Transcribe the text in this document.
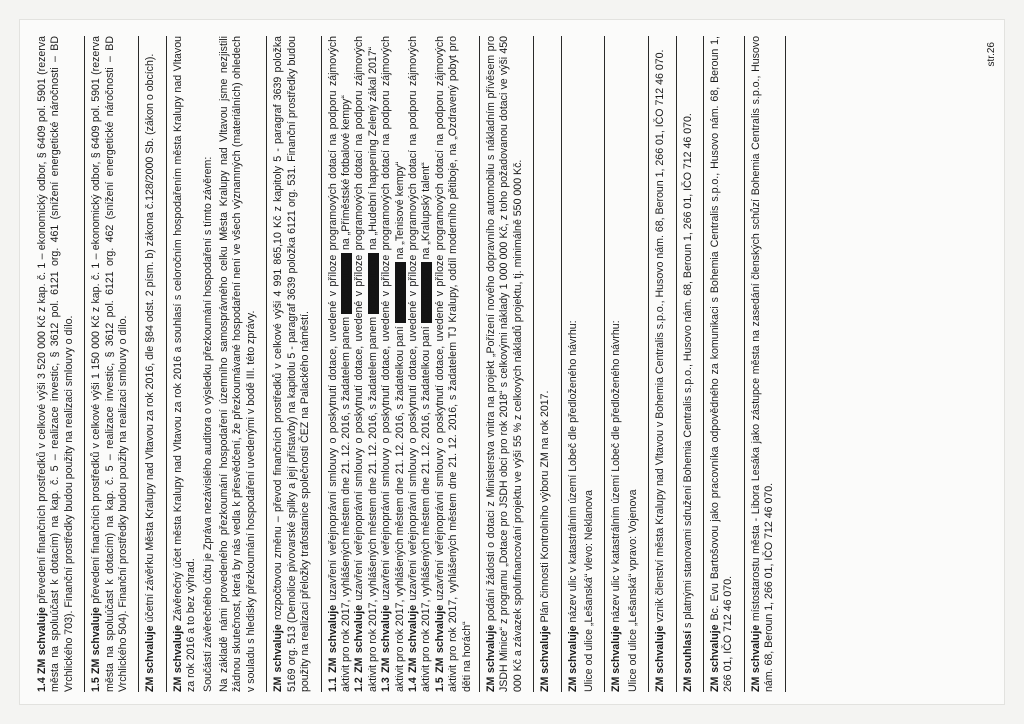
1.4 ZM schvaluje převedení finančních prostředků v celkové výši 3 520 000 Kč z kap. č. 1 – ekonomický odbor, § 6409 pol. 5901 (rezerva města na spoluúčast k dotacím) na kap. č. 5 – realizace investic, § 3612 pol. 6121 org. 461 (snížení energetické náročnosti – BD Vrchlického 703). Finanční prostředky budou použity na realizaci smlouvy o dílo. 1.5 ZM schvaluje převedení finančních prostředků v celkové výši 1 150 000 Kč z kap. č. 1 – ekonomický odbor, § 6409 pol. 5901 (rezerva města na spoluúčast k dotacím) na kap. č. 5 – realizace investic, § 3612 pol. 6121 org. 462 (snížení energetické náročnosti – BD Vrchlického 504). Finanční prostředky budou použity na realizaci smlouvy o dílo. ZM schvaluje účetní závěrku Města Kralupy nad Vltavou za rok 2016, dle §84 odst. 2 písm. b) zákona č.128/2000 Sb. (zákon o obcích).

ZM schvaluje Závěrečný účet města Kralupy nad Vltavou za rok 2016 a souhlasí s celoročním hospodařením města Kralupy nad Vltavou za rok 2016 a to bez výhrad. Součástí závěrečného účtu je Zpráva nezávislého auditora o výsledku přezkoumání hospodaření s tímto závěrem: Na základě námi provedeného přezkoumání hospodaření územního samosprávného celku Města Kralupy nad Vltavou jsme nezjistili žádnou skutečnost, která by nás vedla k přesvědčení, že přezkoumávané hospodaření není ve všech významných (materiálních) ohledech v souladu s hledisky přezkoumání hospodaření uvedenými v bodě III. této zprávy. ZM schvaluje rozpočtovou změnu – převod finančních prostředků v celkové výši 4 991 865,10 Kč z kapitoly 5 - paragraf 3639 položka 5169 org. 513 (Demolice pivovarské spilky a její přístavby) na kapitolu 5 - paragraf 3639 položka 6121 org. 531. Finanční prostředky budou použity na realizaci přeložky trafostanice společnosti ČEZ na Palackého náměstí. 1.1 ZM schvaluje uzavření veřejnoprávní smlouvy o poskytnutí dotace, uvedené v příloze programových dotací na podporu zájmových aktivit pro rok 2017, vyhlášených městem dne 21. 12. 2016, s žadatelem panem xxxxxxxxxx na „Příměstské fotbalové kempy“

1.2 ZM schvaluje uzavření veřejnoprávní smlouvy o poskytnutí dotace, uvedené v příloze programových dotací na podporu zájmových aktivit pro rok 2017, vyhlášených městem dne 21. 12. 2016, s žadatelem panem xxxxxxxxxx na „Hudební happening Zelený zákal 2017“

1.3 ZM schvaluje uzavření veřejnoprávní smlouvy o poskytnutí dotace, uvedené v příloze programových dotací na podporu zájmových aktivit pro rok 2017, vyhlášených městem dne 21. 12. 2016, s žadatelkou paní xxxxxxxxxx na „Tenisové kempy“

1.4 ZM schvaluje uzavření veřejnoprávní smlouvy o poskytnutí dotace, uvedené v příloze programových dotací na podporu zájmových aktivit pro rok 2017, vyhlášených městem dne 21. 12. 2016, s žadatelkou paní xxxxxxxxxx na „Kralupský talent“

1.5 ZM schvaluje uzavření veřejnoprávní smlouvy o poskytnutí dotace, uvedené v příloze programových dotací na podporu zájmových aktivit pro rok 2017, vyhlášených městem dne 21. 12. 2016, s žadatelem TJ Kralupy, oddíl moderního pětiboje, na „Ozdravený pobyt pro děti na horách“ ZM schvaluje podání žádosti o dotaci z Ministerstva vnitra na projekt „Pořízení nového dopravního automobilu s nákladním přívěsem pro JSDH Minice“ z programu „Dotace pro JSDH obcí pro rok 2018“ s celkovými náklady 1 000 000 Kč, z toho požadovanou dotaci ve výši 450 000 Kč a závazek spolufinancování projektu ve výši 55 % z celkových nákladů projektu, tj. minimálně 550 000 Kč. ZM schvaluje Plán činnosti Kontrolního výboru ZM na rok 2017.

ZM schvaluje název ulic v katastrálním území Lobeč dle předloženého návrhu: Ulice od ulice „Lešanská“ vlevo: Neklanova ZM schvaluje název ulic v katastrálním území Lobeč dle předloženého návrhu: Ulice od ulice „Lešanská“ vpravo: Vojenova ZM schvaluje vznik členství města Kralupy nad Vltavou v Bohemia Centralis s.p.o., Husovo nám. 68, Beroun 1, 266 01, IČO 712 46 070.

ZM souhlasí s platnými stanovami sdružení Bohemia Centralis s.p.o., Husovo nám. 68, Beroun 1, 266 01, IČO 712 46 070.

ZM schvaluje Bc. Evu Bartošovou jako pracovníka odpovědného za komunikaci s Bohemia Centralis s.p.o., Husovo nám. 68, Beroun 1, 266 01, IČO 712 46 070. ZM schvaluje místostarostu města - Libora Lesáka jako zástupce města na zasedání členských schůzí Bohemia Centralis s.p.o., Husovo nám. 68, Beroun 1, 266 01, IČO 712 46 070.

str.26
